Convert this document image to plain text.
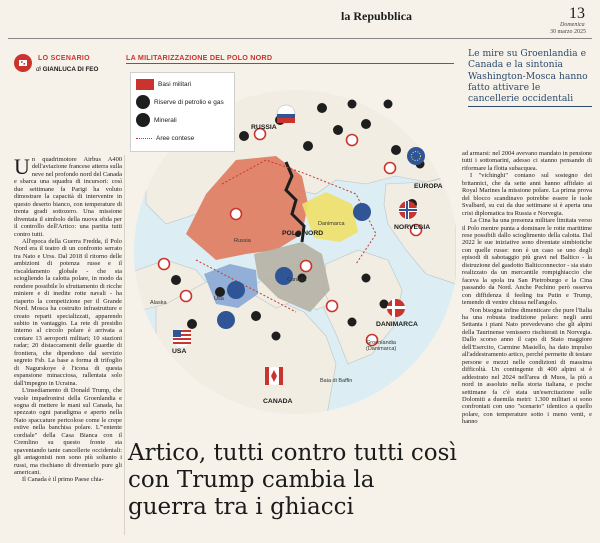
la Repubblica	13
Domenica
30 marzo 2025
LO SCENARIO
di GIANLUCA DI FEO
LA MILITARIZZAZIONE DEL POLO NORD
Basi militari
Riserve di petrolio e gas
Minerali
Aree contese
RUSSIA
EUROPA
NORVEGIA
DANIMARCA
USA
CANADA
POLO NORD
Russia
Danimarca
Canada
Usa
Groenlandia (Danimarca)
Baia di Baffin
Alaska

Un quadrimotore Airbus A400 dell'aviazione francese atterra sulla neve nel profondo nord del Canada e sbarca una squadra di incursori: così due settimane fa Parigi ha voluto dimostrare la capacità di intervenire in questo deserto bianco, con temperature di trenta gradi sottozero. Una missione diventata il simbolo della nuova sfida per il controllo dell'Artico: una partita tutti contro tutti.

All'epoca della Guerra Fredda, il Polo Nord era il teatro di un confronto serrato tra Nato e Urss. Dal 2018 il ritorno delle ambizioni di potenza russe e il riscaldamento globale - che sta sciogliendo la calotta polare, in modo da rendere possibile lo sfruttamento di ricche miniere e di inedite rotte navali - ha riaperto la competizione per il Grande Nord. Mosca ha costruito infrastrutture e creato reparti specializzati, apparendo subito in vantaggio. La rete di presidio interno al circolo polare è arrivata a contare 13 aeroporti militari; 10 stazioni radar; 20 distaccamenti delle guardie di frontiera, che dipendono dal servizio segreto Fsb. La base a forma di trifoglio di Nagurskoye è l'icona di questa espansione minacciosa, rallentata solo dall'impegno in Ucraina.

L'insediamento di Donald Trump, che vuole impadronirsi della Groenlandia e sogna di mettere le mani sul Canada, ha spezzato ogni paradigma e aperto nella Nato spaccature pericolose come le crepe estive nella banchisa polare. L'"entente cordiale" della Casa Bianca con il Cremlino su questo fronte sta spaventando tante cancellerie occidentali: gli antagonisti non sono più soltanto i russi, ma rischiano di diventarlo pure gli americani.

Il Canada è il primo Paese chia-

Artico, tutti contro tutti così con Trump cambia la guerra tra i ghiacci
Le mire su Groenlandia e Canada e la sintonia Washington-Mosca hanno fatto attivare le cancellerie occidentali

ad armarsi: nel 2004 avevano mandato in pensione tutti i sottomarini, adesso ci stanno pensando di riformare la flotta subacquea.

I "vichinghi" contano sul sostegno dei britannici, che da sette anni hanno affidato ai Royal Marines la missione polare. La prima prova del blocco scandinavo potrebbe essere le isole Svalbard, su cui da due settimane si è aperta una crisi diplomatica tra Russia e Norvegia.

La Cina ha una presenza militare limitata verso il Polo mentre punta a dominare le rotte marittime rese possibili dallo scioglimento della calotta. Dal 2022 le sue iniziative sono diventate simbiotiche con quelle russe: non è un caso se uno degli episodi di sabotaggio più gravi nel Baltico - la distruzione del gasdotto Balticconnector - sia stato realizzato da un mercantile rompighiaccio che faceva la spola tra San Pietroburgo e la Cina passando da Nord. Anche Pechino però osserva con diffidenza il feeling tra Putin e Trump, temendo di venire chiusa nell'angolo.

Non bisogna infine dimenticare che pure l'Italia ha una robusta tradizione polare: negli anni Settanta i piani Nato prevedevano che gli alpini della Taurinense venissero rischierati in Norvegia. Dallo scorso anno il capo di Stato maggiore dell'Esercito, Carmine Masiello, ha dato impulso all'addestramento artico, perché permette di testare persone e mezzi nelle condizioni di massima difficoltà. Un contingente di 400 alpini si è addestrato nel 2024 nell'area di Muos, la più a nord in assoluto nella storia italiana, e poche settimane fa c'è stata un'esercitazione sulle Dolomiti a duemila metri: 1.300 militari si sono confrontati con uno "scenario" identico a quello polare, con temperature sotto i meno venti, e hanno
